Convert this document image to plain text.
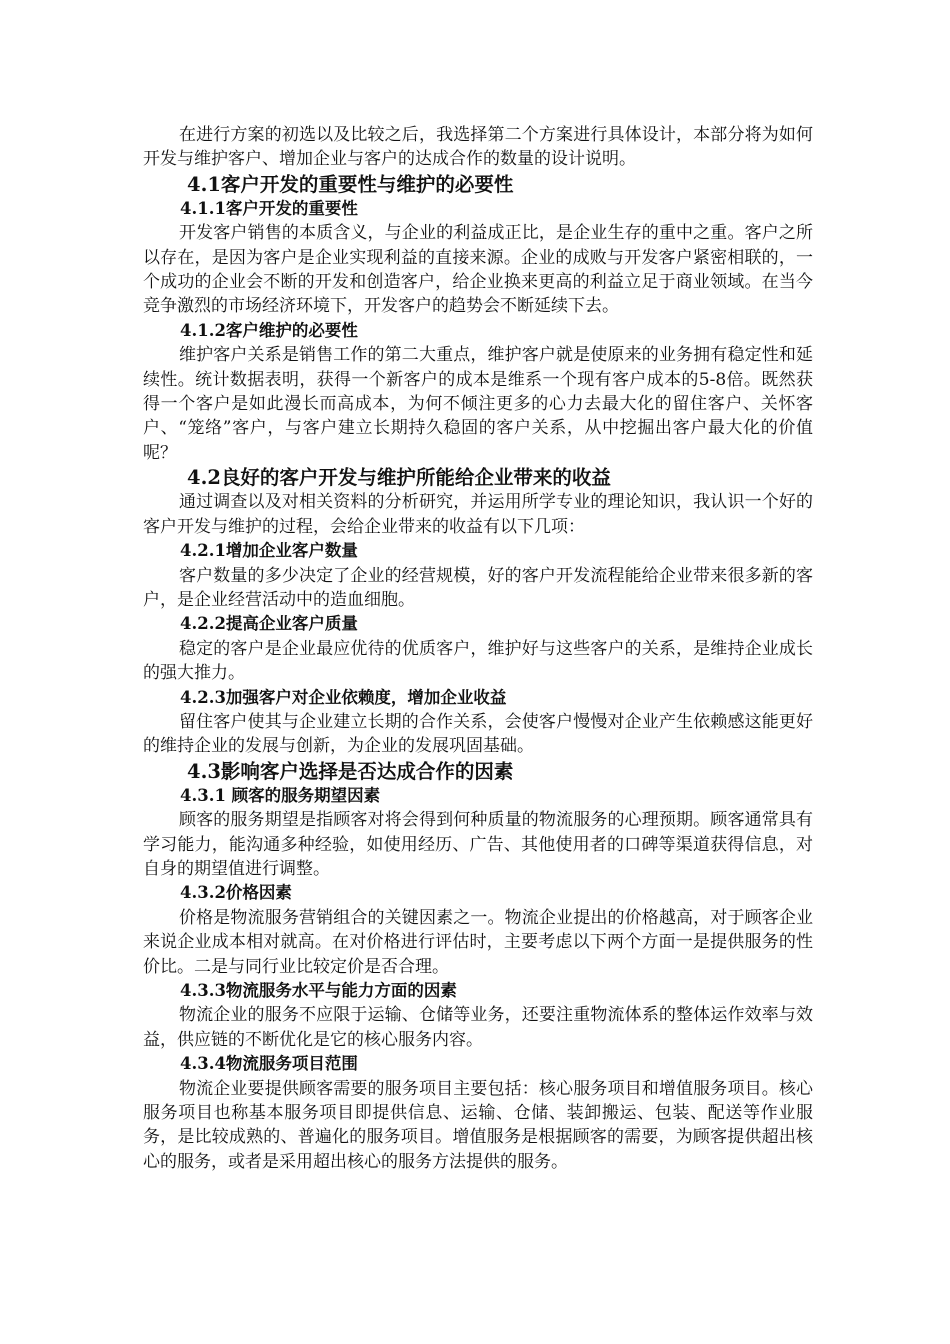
在进行方案的初选以及比较之后，我选择第二个方案进行具体设计，本部分将为如何开发与维护客户、增加企业与客户的达成合作的数量的设计说明。

4.1客户开发的重要性与维护的必要性
4.1.1客户开发的重要性

开发客户销售的本质含义，与企业的利益成正比，是企业生存的重中之重。客户之所以存在，是因为客户是企业实现利益的直接来源。企业的成败与开发客户紧密相联的，一个成功的企业会不断的开发和创造客户，给企业换来更高的利益立足于商业领域。在当今竞争激烈的市场经济环境下，开发客户的趋势会不断延续下去。

4.1.2客户维护的必要性

维护客户关系是销售工作的第二大重点，维护客户就是使原来的业务拥有稳定性和延续性。统计数据表明，获得一个新客户的成本是维系一个现有客户成本的5-8倍。既然获得一个客户是如此漫长而高成本，为何不倾注更多的心力去最大化的留住客户、关怀客户、“笼络”客户，与客户建立长期持久稳固的客户关系，从中挖掘出客户最大化的价值呢？

4.2良好的客户开发与维护所能给企业带来的收益

通过调查以及对相关资料的分析研究，并运用所学专业的理论知识，我认识一个好的客户开发与维护的过程，会给企业带来的收益有以下几项：

4.2.1增加企业客户数量

客户数量的多少决定了企业的经营规模，好的客户开发流程能给企业带来很多新的客户，是企业经营活动中的造血细胞。

4.2.2提高企业客户质量

稳定的客户是企业最应优待的优质客户，维护好与这些客户的关系，是维持企业成长的强大推力。

4.2.3加强客户对企业依赖度，增加企业收益

留住客户使其与企业建立长期的合作关系，会使客户慢慢对企业产生依赖感这能更好的维持企业的发展与创新，为企业的发展巩固基础。

4.3影响客户选择是否达成合作的因素
4.3.1 顾客的服务期望因素

顾客的服务期望是指顾客对将会得到何种质量的物流服务的心理预期。顾客通常具有学习能力，能沟通多种经验，如使用经历、广告、其他使用者的口碑等渠道获得信息，对自身的期望值进行调整。

4.3.2价格因素

价格是物流服务营销组合的关键因素之一。物流企业提出的价格越高，对于顾客企业来说企业成本相对就高。在对价格进行评估时，主要考虑以下两个方面一是提供服务的性价比。二是与同行业比较定价是否合理。

4.3.3物流服务水平与能力方面的因素

物流企业的服务不应限于运输、仓储等业务，还要注重物流体系的整体运作效率与效益，供应链的不断优化是它的核心服务内容。

4.3.4物流服务项目范围

物流企业要提供顾客需要的服务项目主要包括：核心服务项目和增值服务项目。核心服务项目也称基本服务项目即提供信息、运输、仓储、装卸搬运、包装、配送等作业服务，是比较成熟的、普遍化的服务项目。增值服务是根据顾客的需要，为顾客提供超出核心的服务，或者是采用超出核心的服务方法提供的服务。
